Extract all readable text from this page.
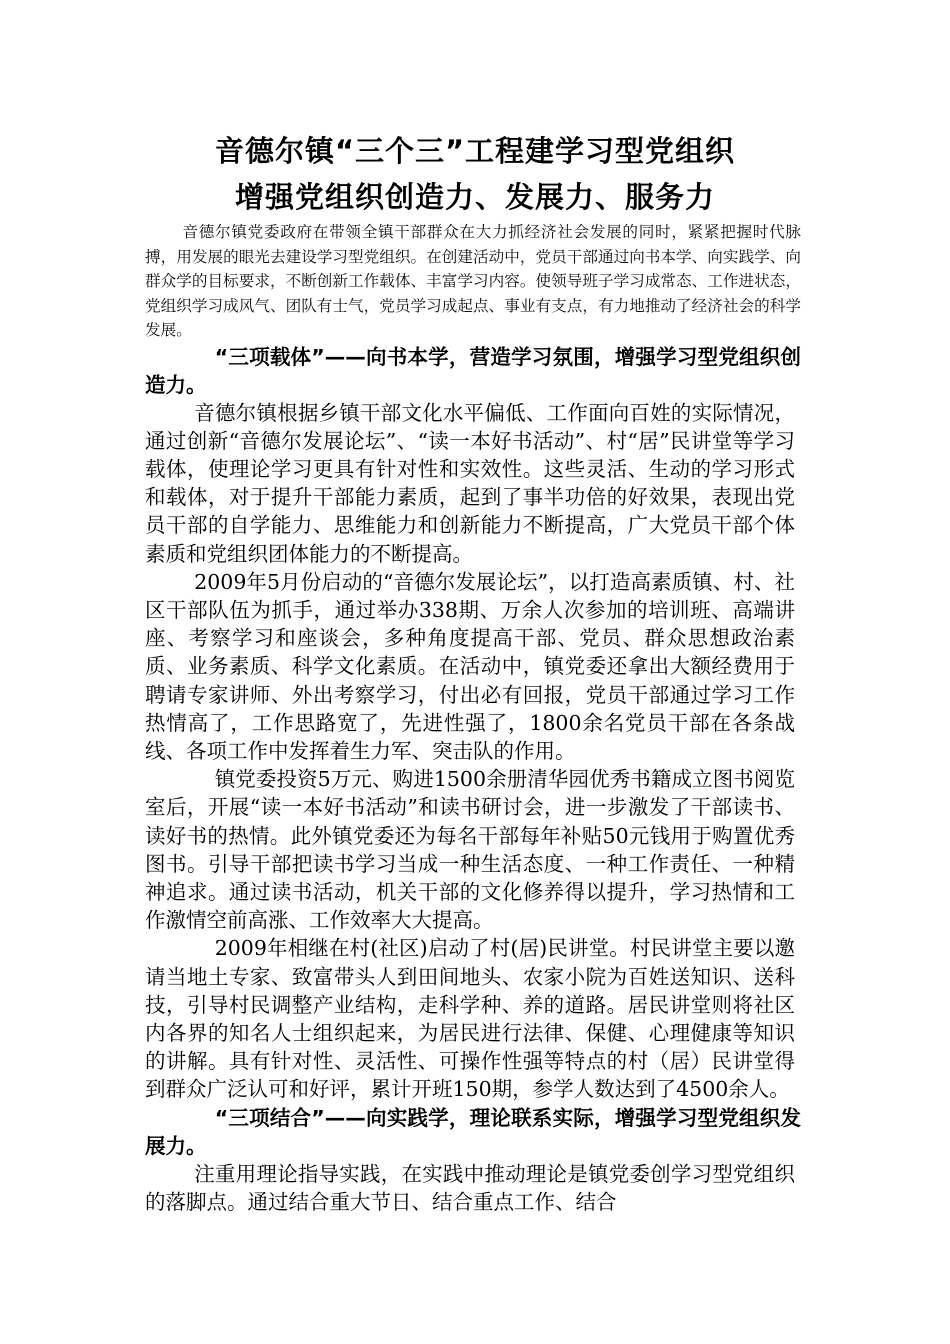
音德尔镇“三个三”工程建学习型党组织
增强党组织创造力、发展力、服务力

音德尔镇党委政府在带领全镇干部群众在大力抓经济社会发展的同时，紧紧把握时代脉搏，用发展的眼光去建设学习型党组织。在创建活动中，党员干部通过向书本学、向实践学、向群众学的目标要求，不断创新工作载体、丰富学习内容。使领导班子学习成常态、工作进状态，党组织学习成风气、团队有士气，党员学习成起点、事业有支点，有力地推动了经济社会的科学发展。

“三项载体”——向书本学，营造学习氛围，增强学习型党组织创造力。

音德尔镇根据乡镇干部文化水平偏低、工作面向百姓的实际情况，通过创新“音德尔发展论坛”、“读一本好书活动”、村“居”民讲堂等学习载体，使理论学习更具有针对性和实效性。这些灵活、生动的学习形式和载体，对于提升干部能力素质，起到了事半功倍的好效果，表现出党员干部的自学能力、思维能力和创新能力不断提高，广大党员干部个体素质和党组织团体能力的不断提高。

2009年5月份启动的“音德尔发展论坛”，以打造高素质镇、村、社区干部队伍为抓手，通过举办338期、万余人次参加的培训班、高端讲座、考察学习和座谈会，多种角度提高干部、党员、群众思想政治素质、业务素质、科学文化素质。在活动中，镇党委还拿出大额经费用于聘请专家讲师、外出考察学习，付出必有回报，党员干部通过学习工作热情高了，工作思路宽了，先进性强了，1800余名党员干部在各条战线、各项工作中发挥着生力军、突击队的作用。

镇党委投资5万元、购进1500余册清华园优秀书籍成立图书阅览室后，开展“读一本好书活动”和读书研讨会，进一步激发了干部读书、读好书的热情。此外镇党委还为每名干部每年补贴50元钱用于购置优秀图书。引导干部把读书学习当成一种生活态度、一种工作责任、一种精神追求。通过读书活动，机关干部的文化修养得以提升，学习热情和工作激情空前高涨、工作效率大大提高。

2009年相继在村(社区)启动了村(居)民讲堂。村民讲堂主要以邀请当地土专家、致富带头人到田间地头、农家小院为百姓送知识、送科技，引导村民调整产业结构，走科学种、养的道路。居民讲堂则将社区内各界的知名人士组织起来，为居民进行法律、保健、心理健康等知识的讲解。具有针对性、灵活性、可操作性强等特点的村（居）民讲堂得到群众广泛认可和好评，累计开班150期，参学人数达到了4500余人。

“三项结合”——向实践学，理论联系实际，增强学习型党组织发展力。

注重用理论指导实践，在实践中推动理论是镇党委创学习型党组织的落脚点。通过结合重大节日、结合重点工作、结合
